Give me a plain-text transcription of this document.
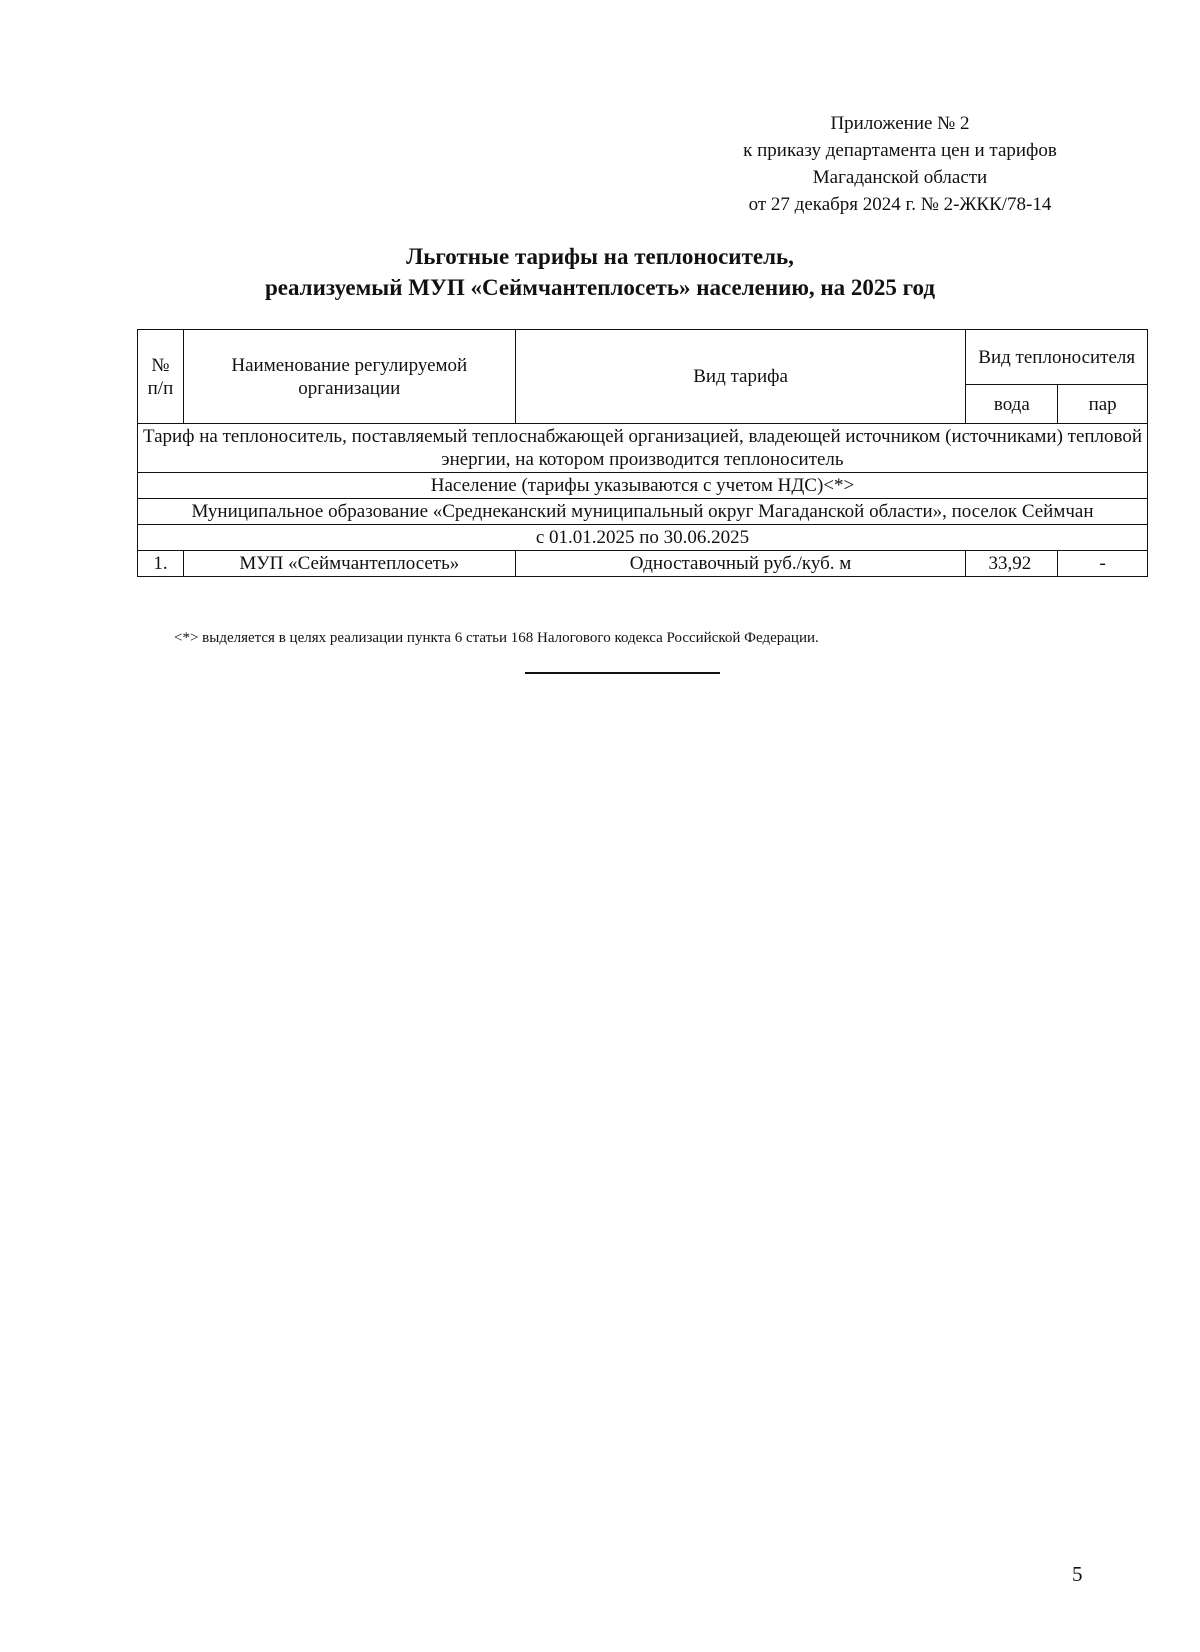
Приложение № 2
к приказу департамента цен и тарифов
Магаданской области
от 27 декабря 2024 г. № 2-ЖКК/78-14
Льготные тарифы на теплоноситель,
реализуемый МУП «Сеймчантеплосеть» населению, на 2025 год
№ п/п	Наименование регулируемой организации	Вид тарифа	Вид теплоносителя	
			вода	пар
Тариф на теплоноситель, поставляемый теплоснабжающей организацией, владеющей источником (источниками) тепловой энергии, на котором производится теплоноситель				
Население (тарифы указываются с учетом НДС)<*>				
Муниципальное образование «Среднеканский муниципальный округ Магаданской области», поселок Сеймчан				
с 01.01.2025 по 30.06.2025				
1.	МУП «Сеймчантеплосеть»	Одноставочный руб./куб. м	33,92	-
<*> выделяется в целях реализации пункта 6 статьи 168 Налогового кодекса Российской Федерации.
5
